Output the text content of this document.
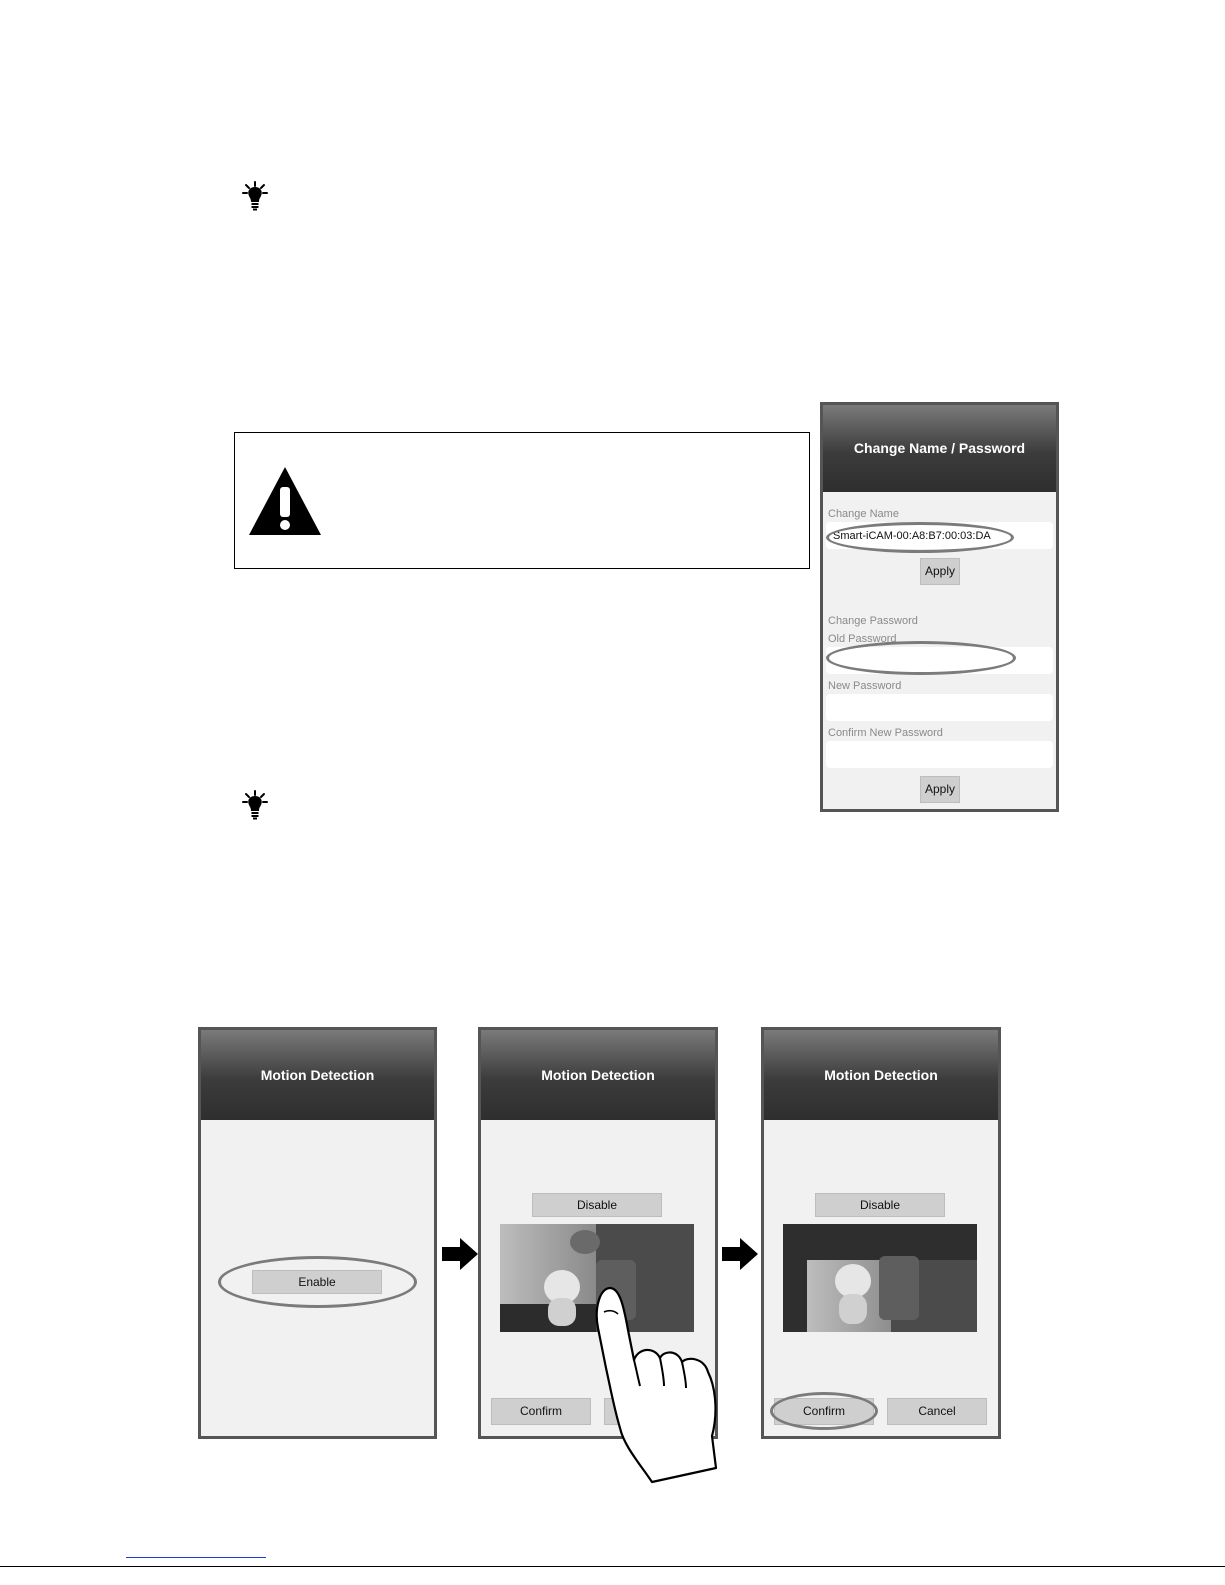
Change Name / Password
Change Name
Smart-iCAM-00:A8:B7:00:03:DA
Apply
Change Password
Old Password
New Password
Confirm New Password
Apply
Motion Detection
Enable
Motion Detection
Disable
Confirm
Motion Detection
Disable
Confirm	Cancel
